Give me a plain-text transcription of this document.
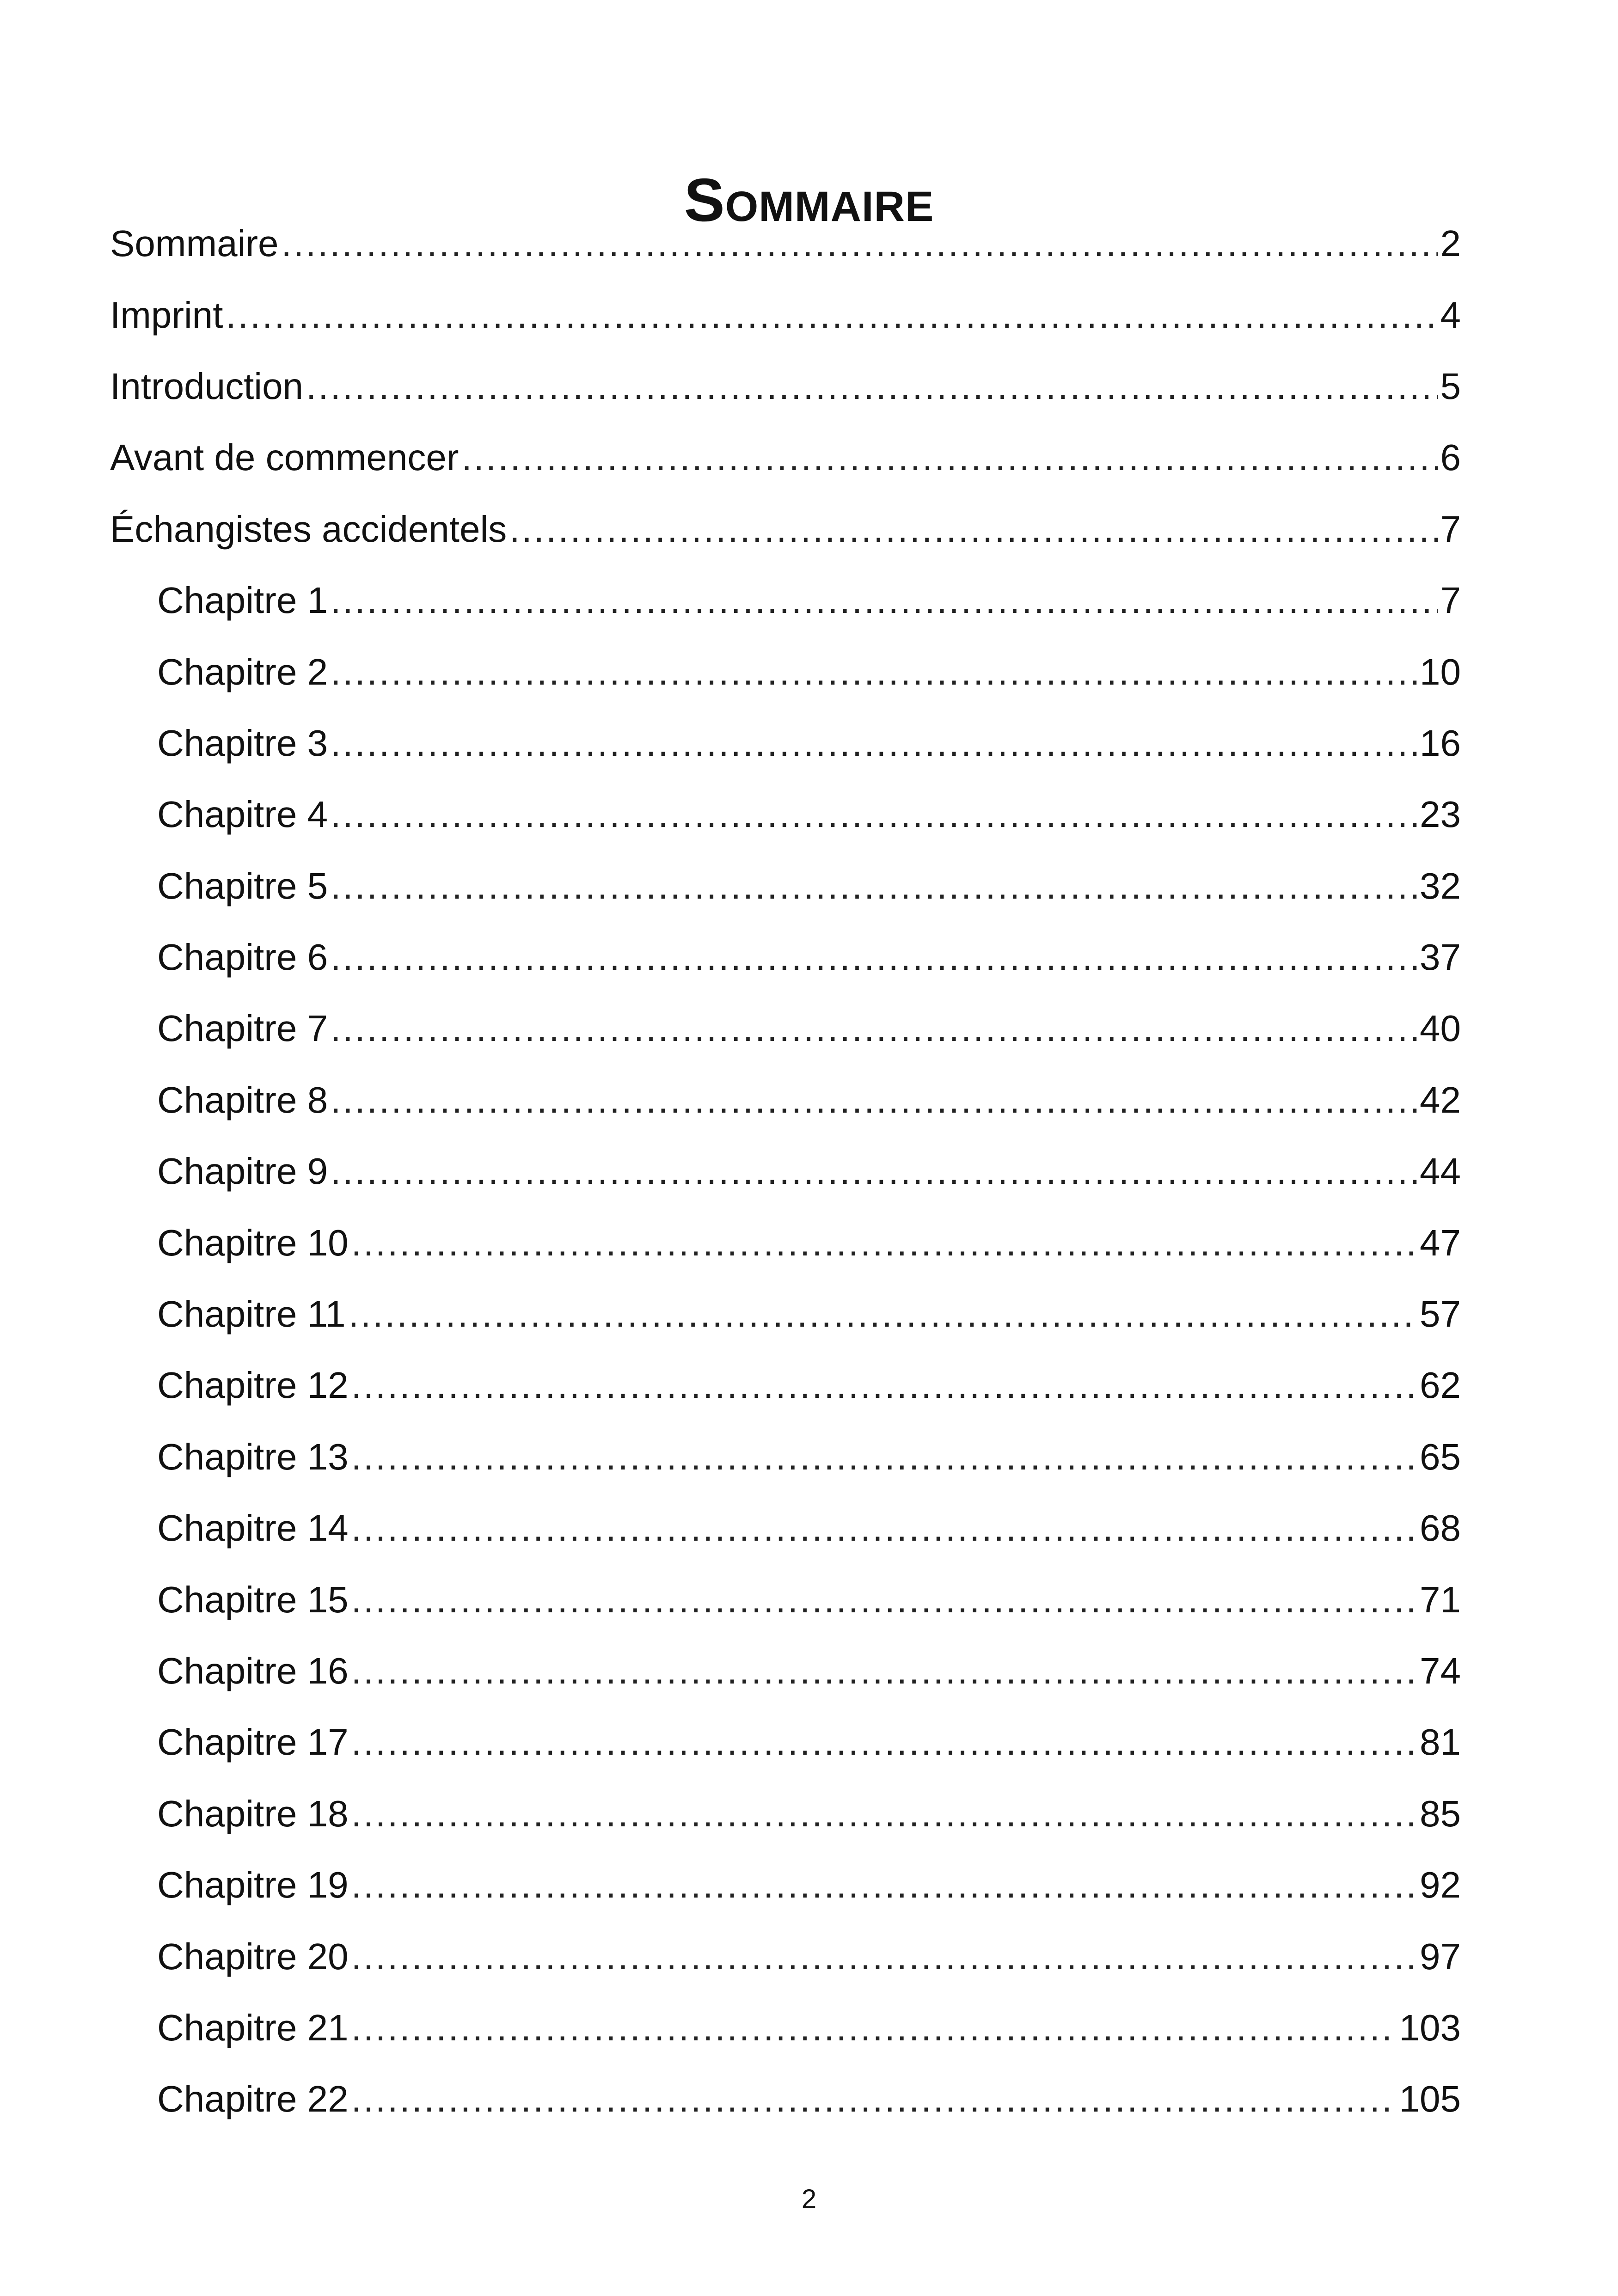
Sommaire
Sommaire .....	2
Imprint .....	4
Introduction .....	5
Avant de commencer .....	6
Échangistes accidentels .....	7
Chapitre 1 .....	7
Chapitre 2 .....	10
Chapitre 3 .....	16
Chapitre 4 .....	23
Chapitre 5 .....	32
Chapitre 6 .....	37
Chapitre 7 .....	40
Chapitre 8 .....	42
Chapitre 9 .....	44
Chapitre 10 .....	47
Chapitre 11 .....	57
Chapitre 12 .....	62
Chapitre 13 .....	65
Chapitre 14 .....	68
Chapitre 15 .....	71
Chapitre 16 .....	74
Chapitre 17 .....	81
Chapitre 18 .....	85
Chapitre 19 .....	92
Chapitre 20 .....	97
Chapitre 21 .....	103
Chapitre 22 .....	105
2
